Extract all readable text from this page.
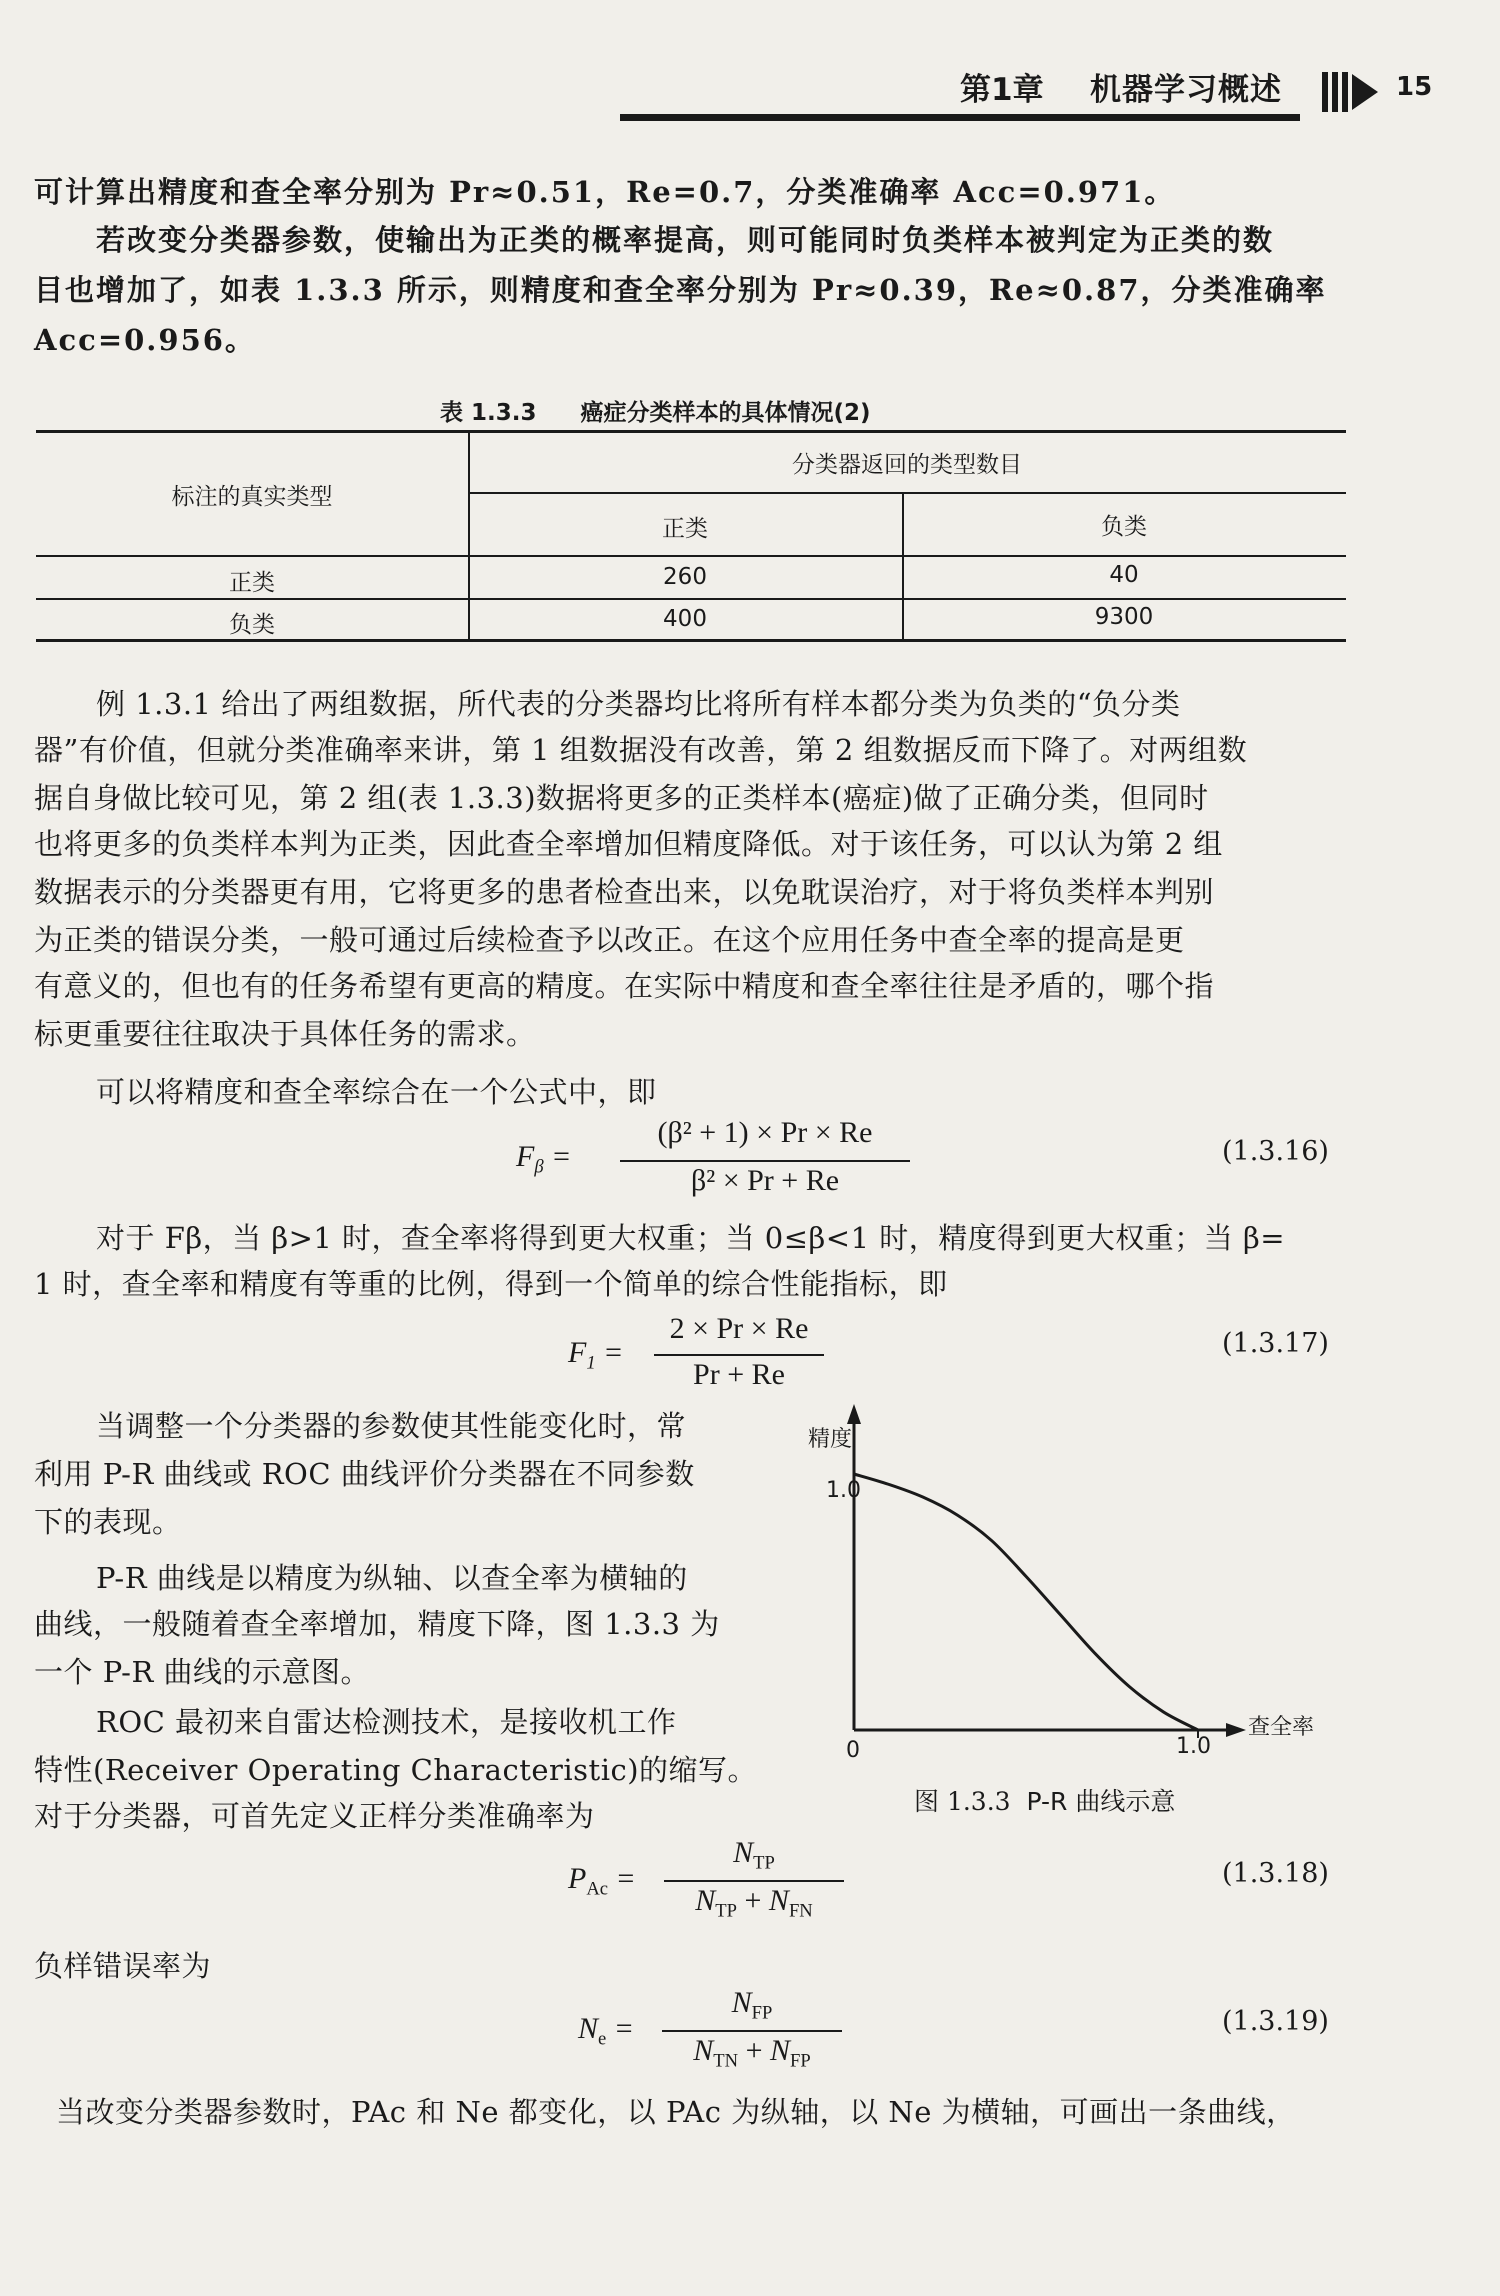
第1章 机器学习概述	15
可计算出精度和查全率分别为 Pr≈0.51，Re=0.7，分类准确率 Acc=0.971。
若改变分类器参数，使输出为正类的概率提高，则可能同时负类样本被判定为正类的数
目也增加了，如表 1.3.3 所示，则精度和查全率分别为 Pr≈0.39，Re≈0.87，分类准确率
Acc=0.956。
表 1.3.3 癌症分类样本的具体情况(2)
标注的真实类型
分类器返回的类型数目
正类	负类
正类	260	40
负类	400	9300
例 1.3.1 给出了两组数据，所代表的分类器均比将所有样本都分类为负类的“负分类
器”有价值，但就分类准确率来讲，第 1 组数据没有改善，第 2 组数据反而下降了。对两组数
据自身做比较可见，第 2 组(表 1.3.3)数据将更多的正类样本(癌症)做了正确分类，但同时
也将更多的负类样本判为正类，因此查全率增加但精度降低。对于该任务，可以认为第 2 组
数据表示的分类器更有用，它将更多的患者检查出来，以免耽误治疗，对于将负类样本判别
为正类的错误分类，一般可通过后续检查予以改正。在这个应用任务中查全率的提高是更
有意义的，但也有的任务希望有更高的精度。在实际中精度和查全率往往是矛盾的，哪个指
标更重要往往取决于具体任务的需求。
可以将精度和查全率综合在一个公式中，即
$F_\beta$ =
(β² + 1) × Pr × Re
β² × Pr + Re
(1.3.16)
对于 Fβ，当 β>1 时，查全率将得到更大权重；当 0≤β<1 时，精度得到更大权重；当 β=
1 时，查全率和精度有等重的比例，得到一个简单的综合性能指标，即
$F_1$ =
2 × Pr × Re
Pr + Re
(1.3.17)
当调整一个分类器的参数使其性能变化时，常
利用 P-R 曲线或 ROC 曲线评价分类器在不同参数
下的表现。
P-R 曲线是以精度为纵轴、以查全率为横轴的
曲线，一般随着查全率增加，精度下降，图 1.3.3 为
一个 P-R 曲线的示意图。
ROC 最初来自雷达检测技术，是接收机工作
特性(Receiver Operating Characteristic)的缩写。
对于分类器，可首先定义正样分类准确率为
精度
1.0
0	1.0
查全率
图 1.3.3 P-R 曲线示意
$P_{Ac}$ =
$N_{TP}$
$N_{TP} + N_{FN}$
(1.3.18)
负样错误率为
$N_e$ =
$N_{FP}$
$N_{TN} + N_{FP}$
(1.3.19)
当改变分类器参数时，PAc 和 Ne 都变化，以 PAc 为纵轴，以 Ne 为横轴，可画出一条曲线，
